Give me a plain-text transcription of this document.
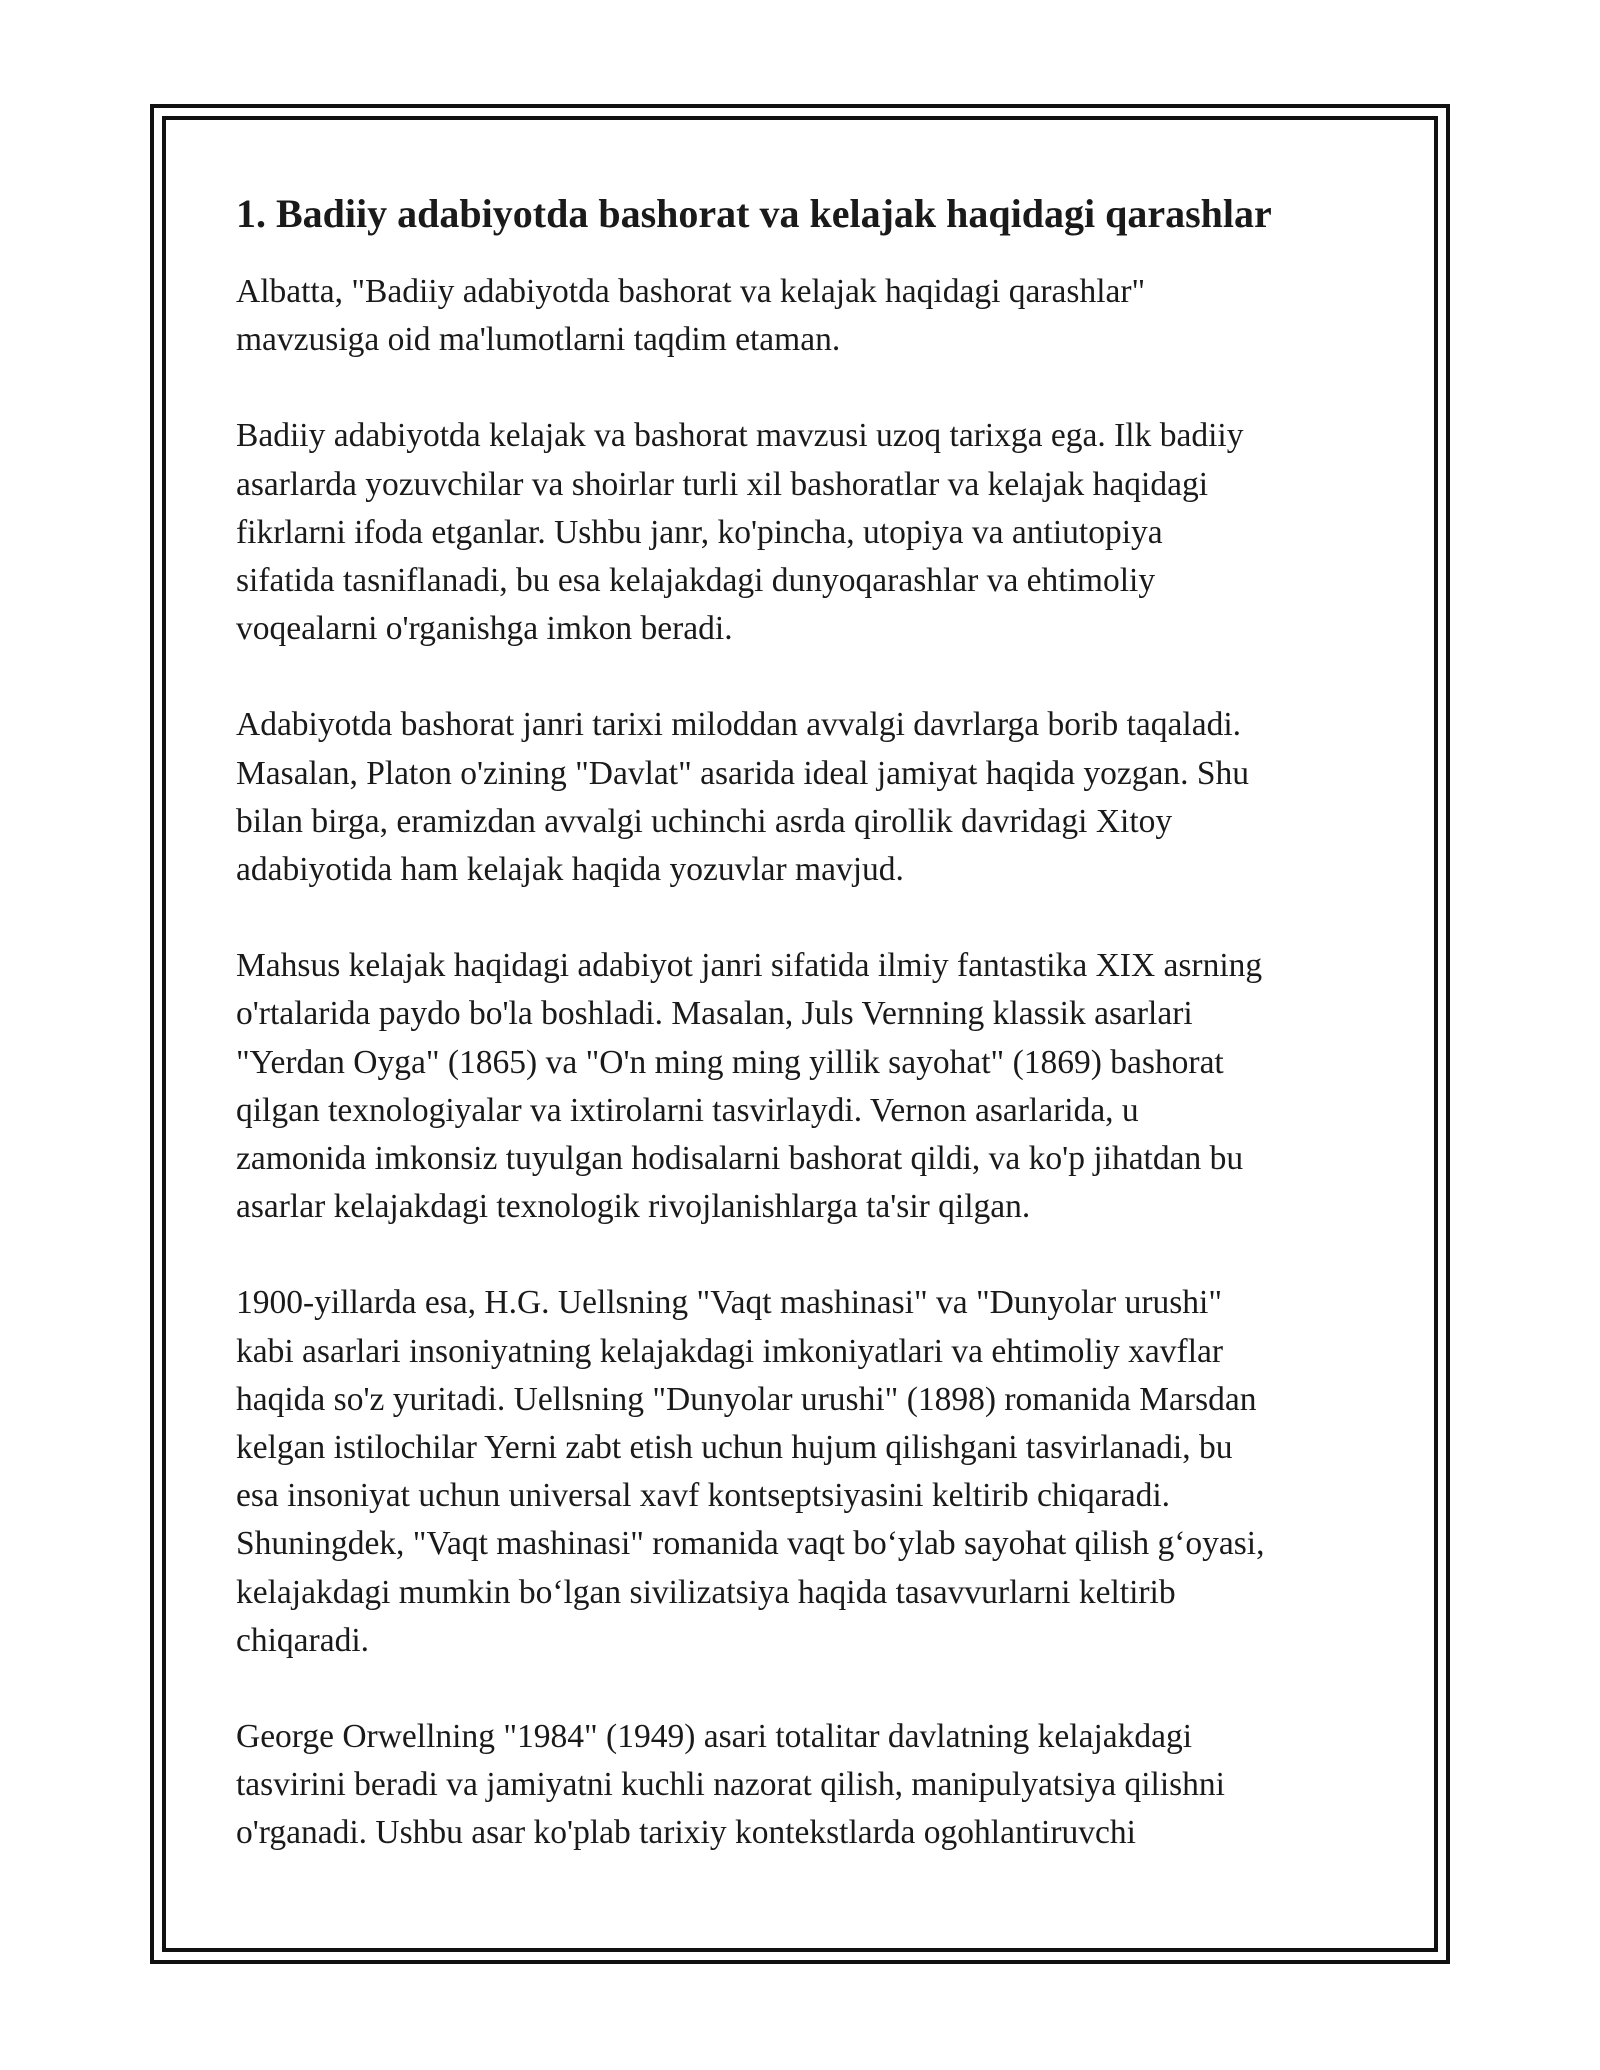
1. Badiiy adabiyotda bashorat va kelajak haqidagi qarashlar

Albatta, "Badiiy adabiyotda bashorat va kelajak haqidagi qarashlar"
mavzusiga oid ma'lumotlarni taqdim etaman.

Badiiy adabiyotda kelajak va bashorat mavzusi uzoq tarixga ega. Ilk badiiy
asarlarda yozuvchilar va shoirlar turli xil bashoratlar va kelajak haqidagi
fikrlarni ifoda etganlar. Ushbu janr, ko'pincha, utopiya va antiutopiya
sifatida tasniflanadi, bu esa kelajakdagi dunyoqarashlar va ehtimoliy
voqealarni o'rganishga imkon beradi.

Adabiyotda bashorat janri tarixi miloddan avvalgi davrlarga borib taqaladi.
Masalan, Platon o'zining "Davlat" asarida ideal jamiyat haqida yozgan. Shu
bilan birga, eramizdan avvalgi uchinchi asrda qirollik davridagi Xitoy
adabiyotida ham kelajak haqida yozuvlar mavjud.

Mahsus kelajak haqidagi adabiyot janri sifatida ilmiy fantastika XIX asrning
o'rtalarida paydo bo'la boshladi. Masalan, Juls Vernning klassik asarlari
"Yerdan Oyga" (1865) va "O'n ming ming yillik sayohat" (1869) bashorat
qilgan texnologiyalar va ixtirolarni tasvirlaydi. Vernon asarlarida, u
zamonida imkonsiz tuyulgan hodisalarni bashorat qildi, va ko'p jihatdan bu
asarlar kelajakdagi texnologik rivojlanishlarga ta'sir qilgan.

1900-yillarda esa, H.G. Uellsning "Vaqt mashinasi" va "Dunyolar urushi"
kabi asarlari insoniyatning kelajakdagi imkoniyatlari va ehtimoliy xavflar
haqida so'z yuritadi. Uellsning "Dunyolar urushi" (1898) romanida Marsdan
kelgan istilochilar Yerni zabt etish uchun hujum qilishgani tasvirlanadi, bu
esa insoniyat uchun universal xavf kontseptsiyasini keltirib chiqaradi.
Shuningdek, "Vaqt mashinasi" romanida vaqt bo‘ylab sayohat qilish g‘oyasi,
kelajakdagi mumkin bo‘lgan sivilizatsiya haqida tasavvurlarni keltirib
chiqaradi.

George Orwellning "1984" (1949) asari totalitar davlatning kelajakdagi
tasvirini beradi va jamiyatni kuchli nazorat qilish, manipulyatsiya qilishni
o'rganadi. Ushbu asar ko'plab tarixiy kontekstlarda ogohlantiruvchi
